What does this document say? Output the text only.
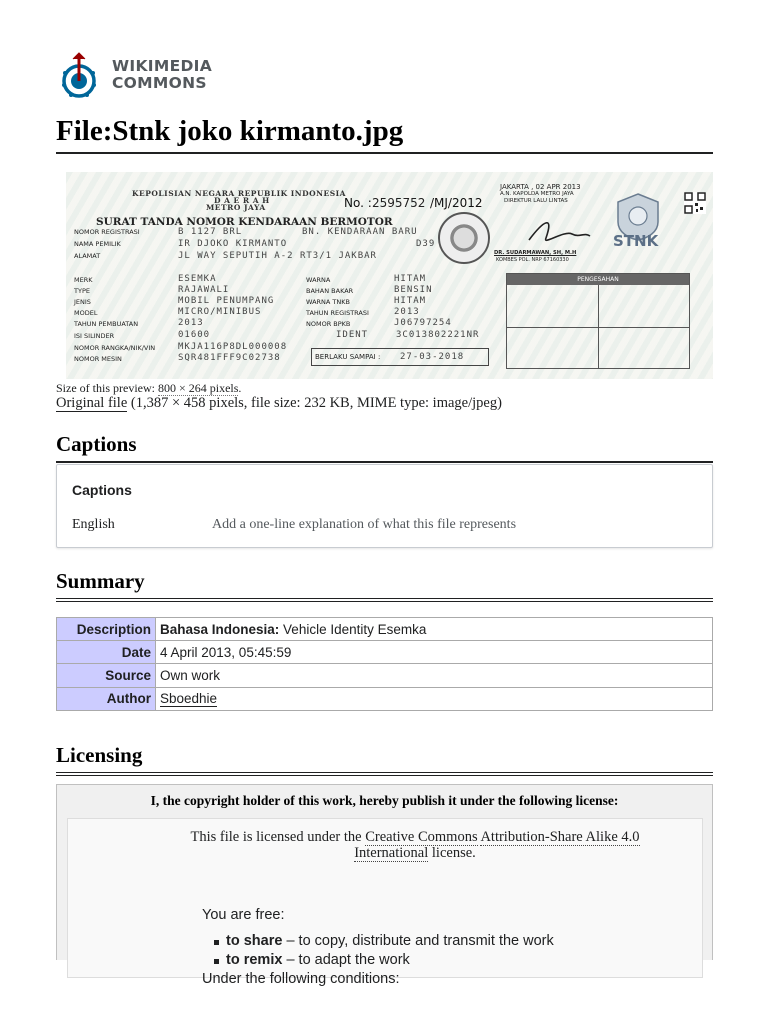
WIKIMEDIA
COMMONS
File:Stnk joko kirmanto.jpg
KEPOLISIAN NEGARA REPUBLIK INDONESIA
D A E R A H
METRO JAYA	No. : 2595752 /MJ/2012
SURAT TANDA NOMOR KENDARAAN BERMOTOR
NOMOR REGISTRASI	B 1127 BRL	BN. KENDARAAN BARU
NAMA PEMILIK	IR DJOKO KIRMANTO	D39
ALAMAT	JL WAY SEPUTIH A-2 RT3/1 JAKBAR
MERK	ESEMKA
TYPE	RAJAWALI
JENIS	MOBIL PENUMPANG
MODEL	MICRO/MINIBUS
TAHUN PEMBUATAN	2013
ISI SILINDER	01600
NOMOR RANGKA/NIK/VIN	MKJA116P8DL000008
NOMOR MESIN	SQR481FFF9C02738
WARNA	HITAM
BAHAN BAKAR	BENSIN
WARNA TNKB	HITAM
TAHUN REGISTRASI	2013
NOMOR BPKB	J06797254
IDENT	3C013802221NR
BERLAKU SAMPAI : 27-03-2018
PENGESAHAN
JAKARTA , 02 APR 2013
A.N. KAPOLDA METRO JAYA
DIREKTUR LALU LINTAS
DR. SUDARMAWAN, SH, M.H
KOMBES POL. NRP 67160330
STNK
Size of this preview: 800 × 264 pixels.
Original file (1,387 × 458 pixels, file size: 232 KB, MIME type: image/jpeg)
Captions
Captions
English	Add a one-line explanation of what this file represents
Summary
Description	Bahasa Indonesia: Vehicle Identity Esemka
Date	4 April 2013, 05:45:59
Source	Own work
Author	Sboedhie
Licensing
I, the copyright holder of this work, hereby publish it under the following license:
This file is licensed under the Creative Commons Attribution-Share Alike 4.0 International license.
You are free:
to share – to copy, distribute and transmit the work
to remix – to adapt the work
Under the following conditions:
